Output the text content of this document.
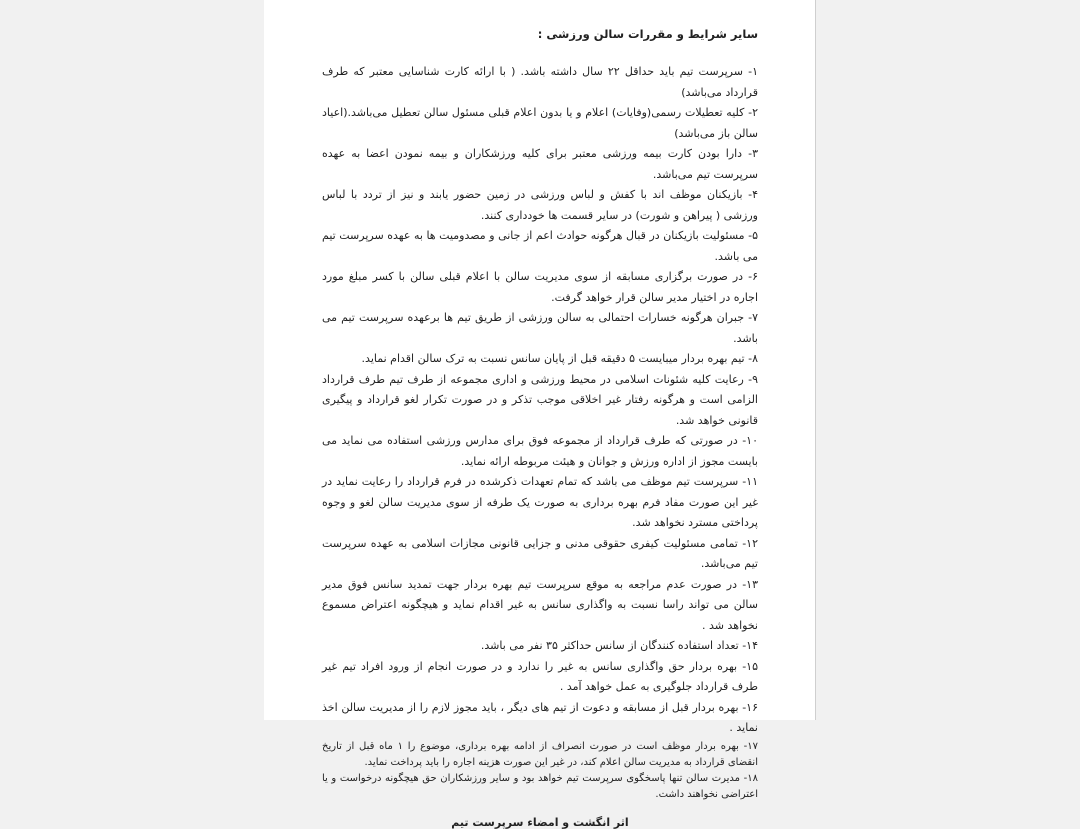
سایر شرایط و مقررات سالن ورزشی :

۱- سرپرست تیم باید حداقل ۲۲ سال داشته باشد. ( با ارائه کارت شناسایی معتبر که طرف قرارداد می‌باشد)

۲- کلیه تعطیلات رسمی(وفایات) اعلام و یا بدون اعلام قبلی مسئول سالن تعطیل می‌باشد.(اعیاد سالن باز می‌باشد)

۳- دارا بودن کارت بیمه ورزشی معتبر برای کلیه ورزشکاران و بیمه نمودن اعضا به عهده سرپرست تیم می‌باشد.

۴- بازیکنان موظف اند با کفش و لباس ورزشی در زمین حضور یابند و نیز از تردد با لباس ورزشی ( پیراهن و شورت) در سایر قسمت ها خودداری کنند.

۵- مسئولیت بازیکنان در قبال هرگونه حوادث اعم از جانی و مصدومیت ها به عهده سرپرست تیم می باشد.

۶- در صورت برگزاری مسابقه از سوی مدیریت سالن با اعلام قبلی سالن با کسر مبلغ مورد اجاره در اختیار مدیر سالن قرار خواهد گرفت.

۷- جبران هرگونه خسارات احتمالی به سالن ورزشی از طریق تیم ها برعهده سرپرست تیم می باشد.

۸- تیم بهره بردار میبایست ۵ دقیقه قبل از پایان سانس نسبت به ترک سالن اقدام نماید.

۹- رعایت کلیه شئونات اسلامی در محیط ورزشی و اداری مجموعه از طرف تیم طرف قرارداد الزامی است و هرگونه رفتار غیر اخلاقی موجب تذکر و در صورت تکرار لغو قرارداد و پیگیری قانونی خواهد شد.

۱۰- در صورتی که طرف قرارداد از مجموعه فوق برای مدارس ورزشی استفاده می نماید می بایست مجوز از اداره ورزش و جوانان و هیئت مربوطه ارائه نماید.

۱۱- سرپرست تیم موظف می باشد که تمام تعهدات ذکرشده در فرم قرارداد را رعایت نماید در غیر این صورت مفاد فرم بهره برداری به صورت یک طرفه از سوی مدیریت سالن لغو و وجوه پرداختی مسترد نخواهد شد.

۱۲- تمامی مسئولیت کیفری حقوقی مدنی و جزایی قانونی مجازات اسلامی به عهده سرپرست تیم می‌باشد.

۱۳- در صورت عدم مراجعه به موقع سرپرست تیم بهره بردار جهت تمدید سانس فوق مدیر سالن می تواند راسا نسبت به واگذاری سانس به غیر اقدام نماید و هیچگونه اعتراض مسموع نخواهد شد .

۱۴- تعداد استفاده کنندگان از سانس حداکثر ۳۵ نفر می باشد.

۱۵- بهره بردار حق واگذاری سانس به غیر را ندارد و در صورت انجام از ورود افراد تیم غیر طرف قرارداد جلوگیری به عمل خواهد آمد .

۱۶- بهره بردار قبل از مسابقه و دعوت از تیم های دیگر ، باید مجوز لازم را از مدیریت سالن اخذ نماید .

۱۷- بهره بردار موظف است در صورت انصراف از ادامه بهره برداری، موضوع را ۱ ماه قبل از تاریخ انقضای قرارداد به مدیریت سالن اعلام کند، در غیر این صورت هزینه اجاره را باید پرداخت نماید.

۱۸- مدیرت سالن تنها پاسخگوی سرپرست تیم خواهد بود و سایر ورزشکاران حق هیچگونه درخواست و یا اعتراضی نخواهند داشت.

اثر انگشت و امضاء سرپرست تیم
